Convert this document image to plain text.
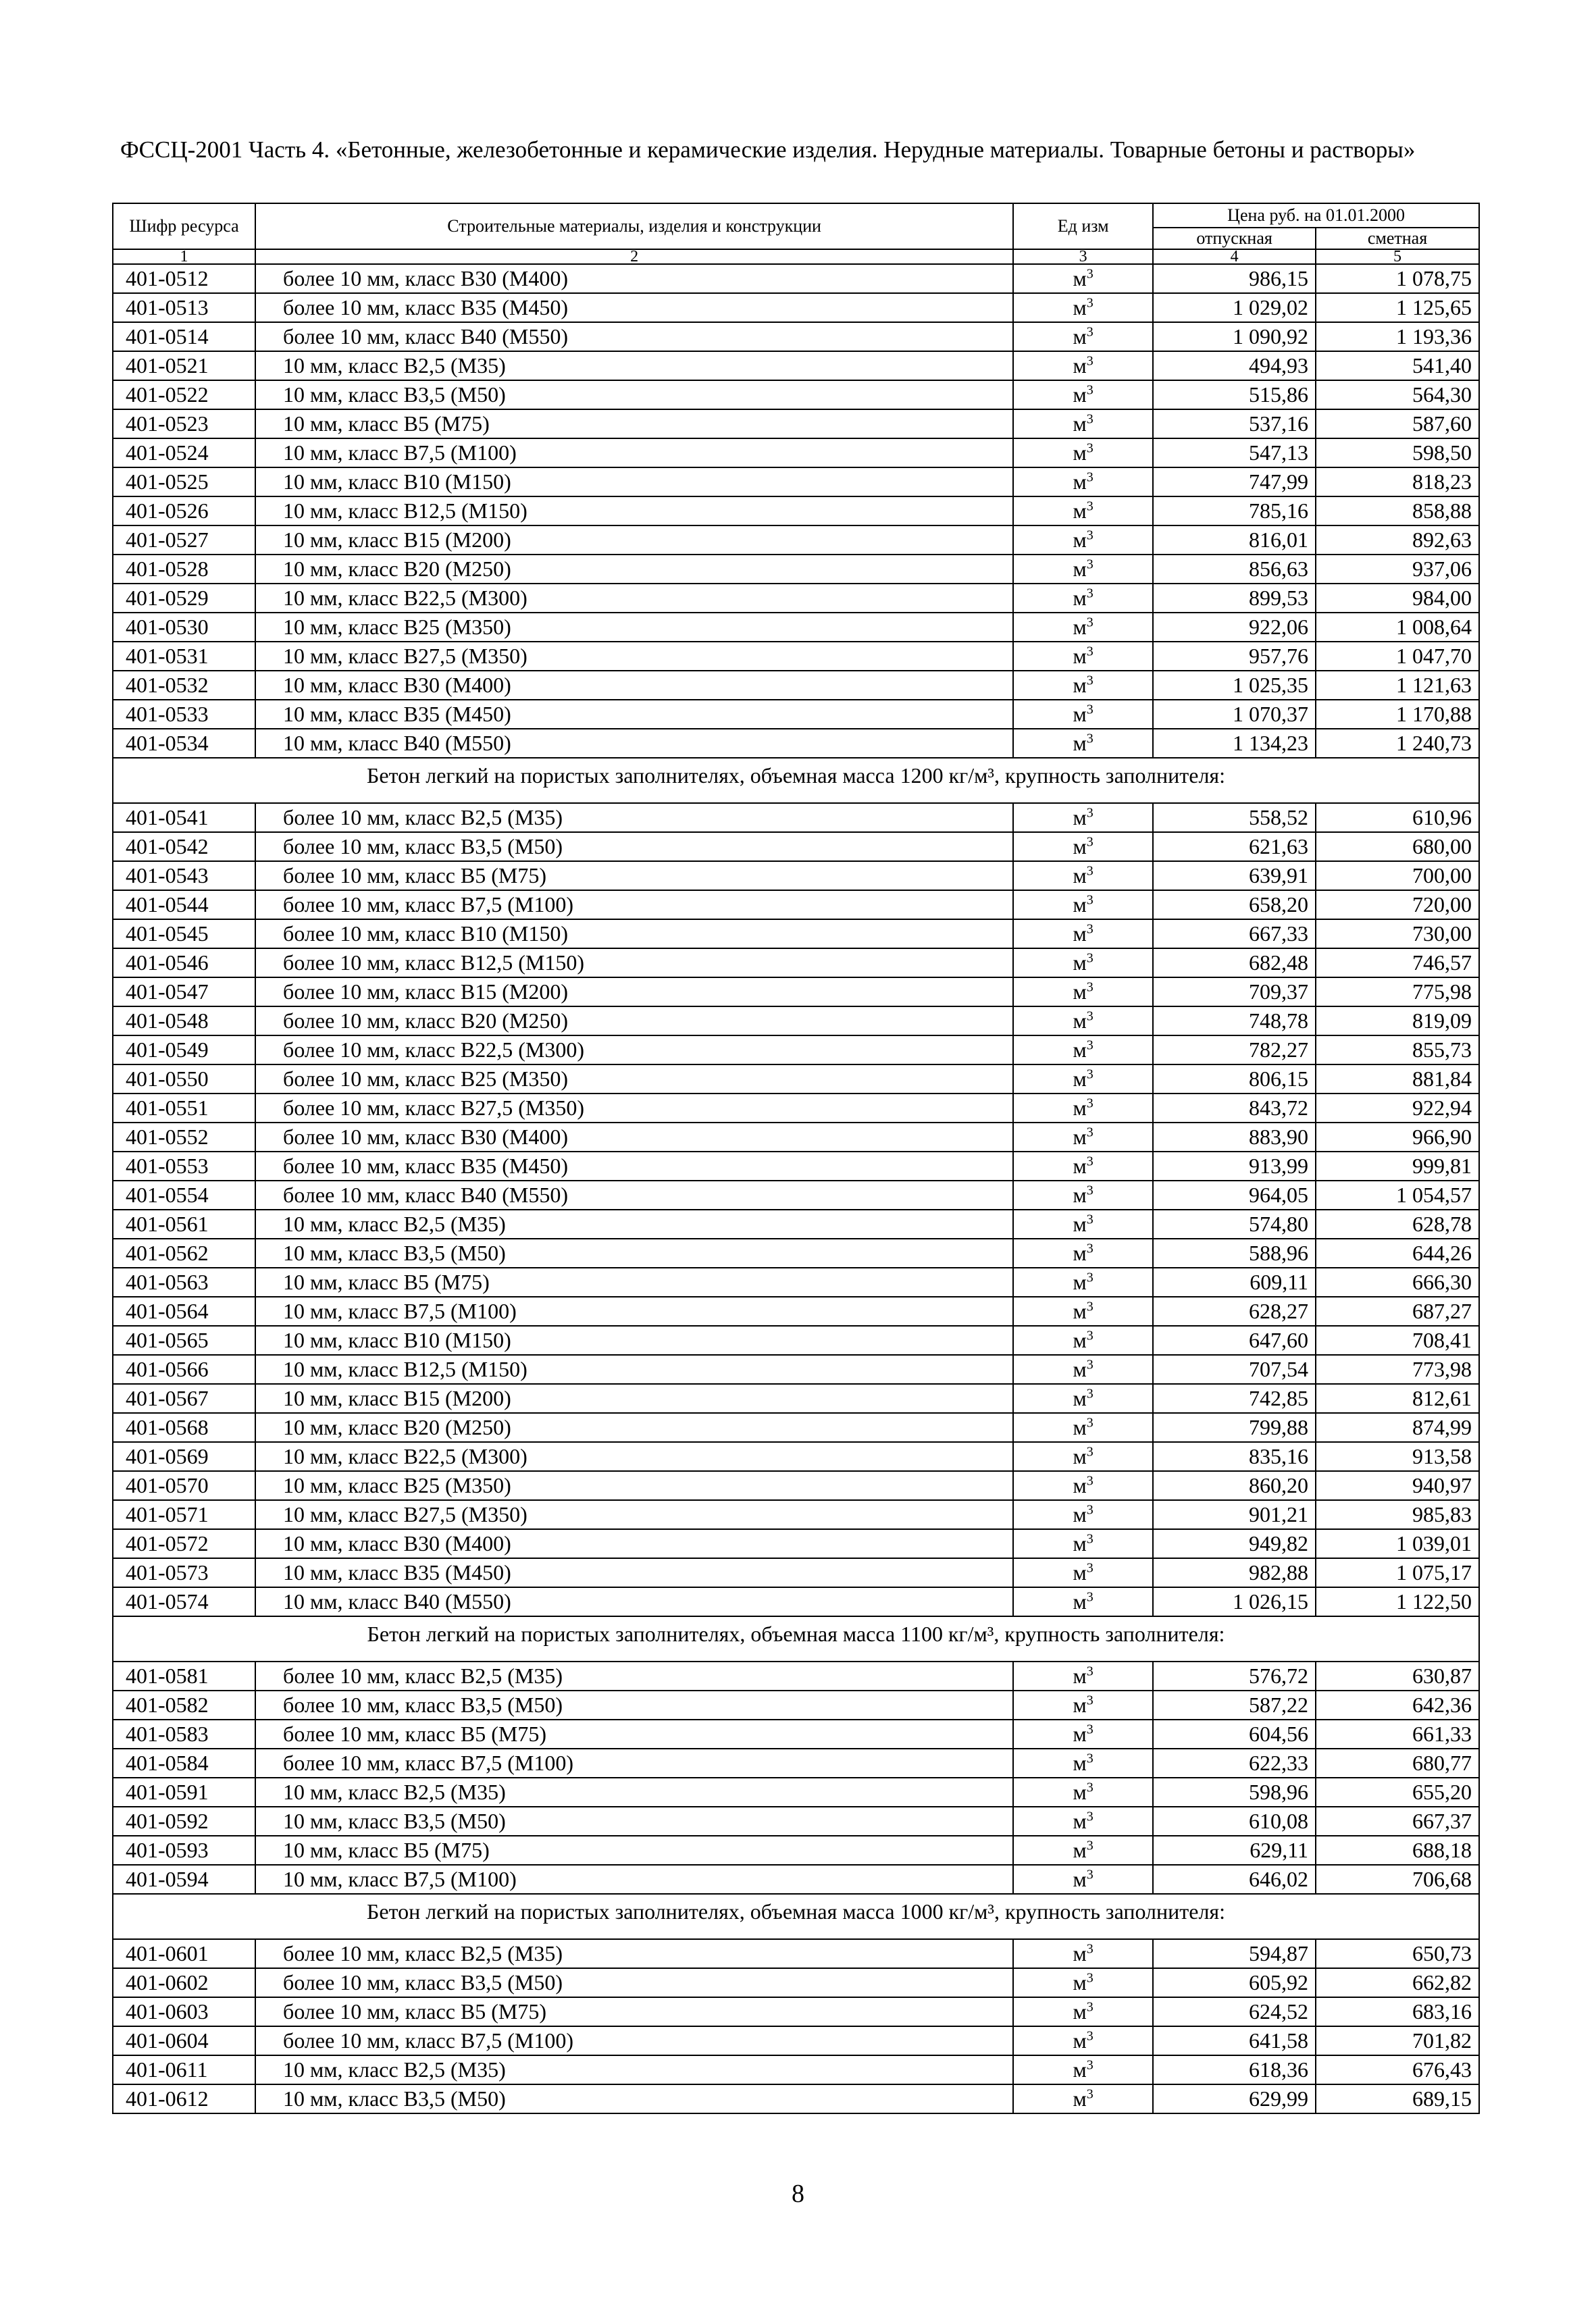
ФССЦ-2001 Часть 4. «Бетонные, железобетонные и керамические изделия. Нерудные материалы. Товарные бетоны и растворы»
Шифр ресурса	Строительные материалы, изделия и конструкции	Ед изм	Цена руб. на 01.01.2000	
			отпускная	сметная
1	2	3	4	5
401-0512	более 10 мм, класс В30 (М400)	$м^3$	986,15	1 078,75
401-0513	более 10 мм, класс В35 (М450)	$м^3$	1 029,02	1 125,65
401-0514	более 10 мм, класс В40 (М550)	$м^3$	1 090,92	1 193,36
401-0521	10 мм, класс В2,5 (М35)	$м^3$	494,93	541,40
401-0522	10 мм, класс В3,5 (М50)	$м^3$	515,86	564,30
401-0523	10 мм, класс В5 (М75)	$м^3$	537,16	587,60
401-0524	10 мм, класс В7,5 (М100)	$м^3$	547,13	598,50
401-0525	10 мм, класс В10 (М150)	$м^3$	747,99	818,23
401-0526	10 мм, класс В12,5 (М150)	$м^3$	785,16	858,88
401-0527	10 мм, класс В15 (М200)	$м^3$	816,01	892,63
401-0528	10 мм, класс В20 (М250)	$м^3$	856,63	937,06
401-0529	10 мм, класс В22,5 (М300)	$м^3$	899,53	984,00
401-0530	10 мм, класс В25 (М350)	$м^3$	922,06	1 008,64
401-0531	10 мм, класс В27,5 (М350)	$м^3$	957,76	1 047,70
401-0532	10 мм, класс В30 (М400)	$м^3$	1 025,35	1 121,63
401-0533	10 мм, класс В35 (М450)	$м^3$	1 070,37	1 170,88
401-0534	10 мм, класс В40 (М550)	$м^3$	1 134,23	1 240,73
Бетон легкий на пористых заполнителях, объемная масса 1200 кг/м³, крупность заполнителя:				
401-0541	более 10 мм, класс В2,5 (М35)	$м^3$	558,52	610,96
401-0542	более 10 мм, класс В3,5 (М50)	$м^3$	621,63	680,00
401-0543	более 10 мм, класс В5 (М75)	$м^3$	639,91	700,00
401-0544	более 10 мм, класс В7,5 (М100)	$м^3$	658,20	720,00
401-0545	более 10 мм, класс В10 (М150)	$м^3$	667,33	730,00
401-0546	более 10 мм, класс В12,5 (М150)	$м^3$	682,48	746,57
401-0547	более 10 мм, класс В15 (М200)	$м^3$	709,37	775,98
401-0548	более 10 мм, класс В20 (М250)	$м^3$	748,78	819,09
401-0549	более 10 мм, класс В22,5 (М300)	$м^3$	782,27	855,73
401-0550	более 10 мм, класс В25 (М350)	$м^3$	806,15	881,84
401-0551	более 10 мм, класс В27,5 (М350)	$м^3$	843,72	922,94
401-0552	более 10 мм, класс В30 (М400)	$м^3$	883,90	966,90
401-0553	более 10 мм, класс В35 (М450)	$м^3$	913,99	999,81
401-0554	более 10 мм, класс В40 (М550)	$м^3$	964,05	1 054,57
401-0561	10 мм, класс В2,5 (М35)	$м^3$	574,80	628,78
401-0562	10 мм, класс В3,5 (М50)	$м^3$	588,96	644,26
401-0563	10 мм, класс В5 (М75)	$м^3$	609,11	666,30
401-0564	10 мм, класс В7,5 (М100)	$м^3$	628,27	687,27
401-0565	10 мм, класс В10 (М150)	$м^3$	647,60	708,41
401-0566	10 мм, класс В12,5 (М150)	$м^3$	707,54	773,98
401-0567	10 мм, класс В15 (М200)	$м^3$	742,85	812,61
401-0568	10 мм, класс В20 (М250)	$м^3$	799,88	874,99
401-0569	10 мм, класс В22,5 (М300)	$м^3$	835,16	913,58
401-0570	10 мм, класс В25 (М350)	$м^3$	860,20	940,97
401-0571	10 мм, класс В27,5 (М350)	$м^3$	901,21	985,83
401-0572	10 мм, класс В30 (М400)	$м^3$	949,82	1 039,01
401-0573	10 мм, класс В35 (М450)	$м^3$	982,88	1 075,17
401-0574	10 мм, класс В40 (М550)	$м^3$	1 026,15	1 122,50
Бетон легкий на пористых заполнителях, объемная масса 1100 кг/м³, крупность заполнителя:				
401-0581	более 10 мм, класс В2,5 (М35)	$м^3$	576,72	630,87
401-0582	более 10 мм, класс В3,5 (М50)	$м^3$	587,22	642,36
401-0583	более 10 мм, класс В5 (М75)	$м^3$	604,56	661,33
401-0584	более 10 мм, класс В7,5 (М100)	$м^3$	622,33	680,77
401-0591	10 мм, класс В2,5 (М35)	$м^3$	598,96	655,20
401-0592	10 мм, класс В3,5 (М50)	$м^3$	610,08	667,37
401-0593	10 мм, класс В5 (М75)	$м^3$	629,11	688,18
401-0594	10 мм, класс В7,5 (М100)	$м^3$	646,02	706,68
Бетон легкий на пористых заполнителях, объемная масса 1000 кг/м³, крупность заполнителя:				
401-0601	более 10 мм, класс В2,5 (М35)	$м^3$	594,87	650,73
401-0602	более 10 мм, класс В3,5 (М50)	$м^3$	605,92	662,82
401-0603	более 10 мм, класс В5 (М75)	$м^3$	624,52	683,16
401-0604	более 10 мм, класс В7,5 (М100)	$м^3$	641,58	701,82
401-0611	10 мм, класс В2,5 (М35)	$м^3$	618,36	676,43
401-0612	10 мм, класс В3,5 (М50)	$м^3$	629,99	689,15
8
